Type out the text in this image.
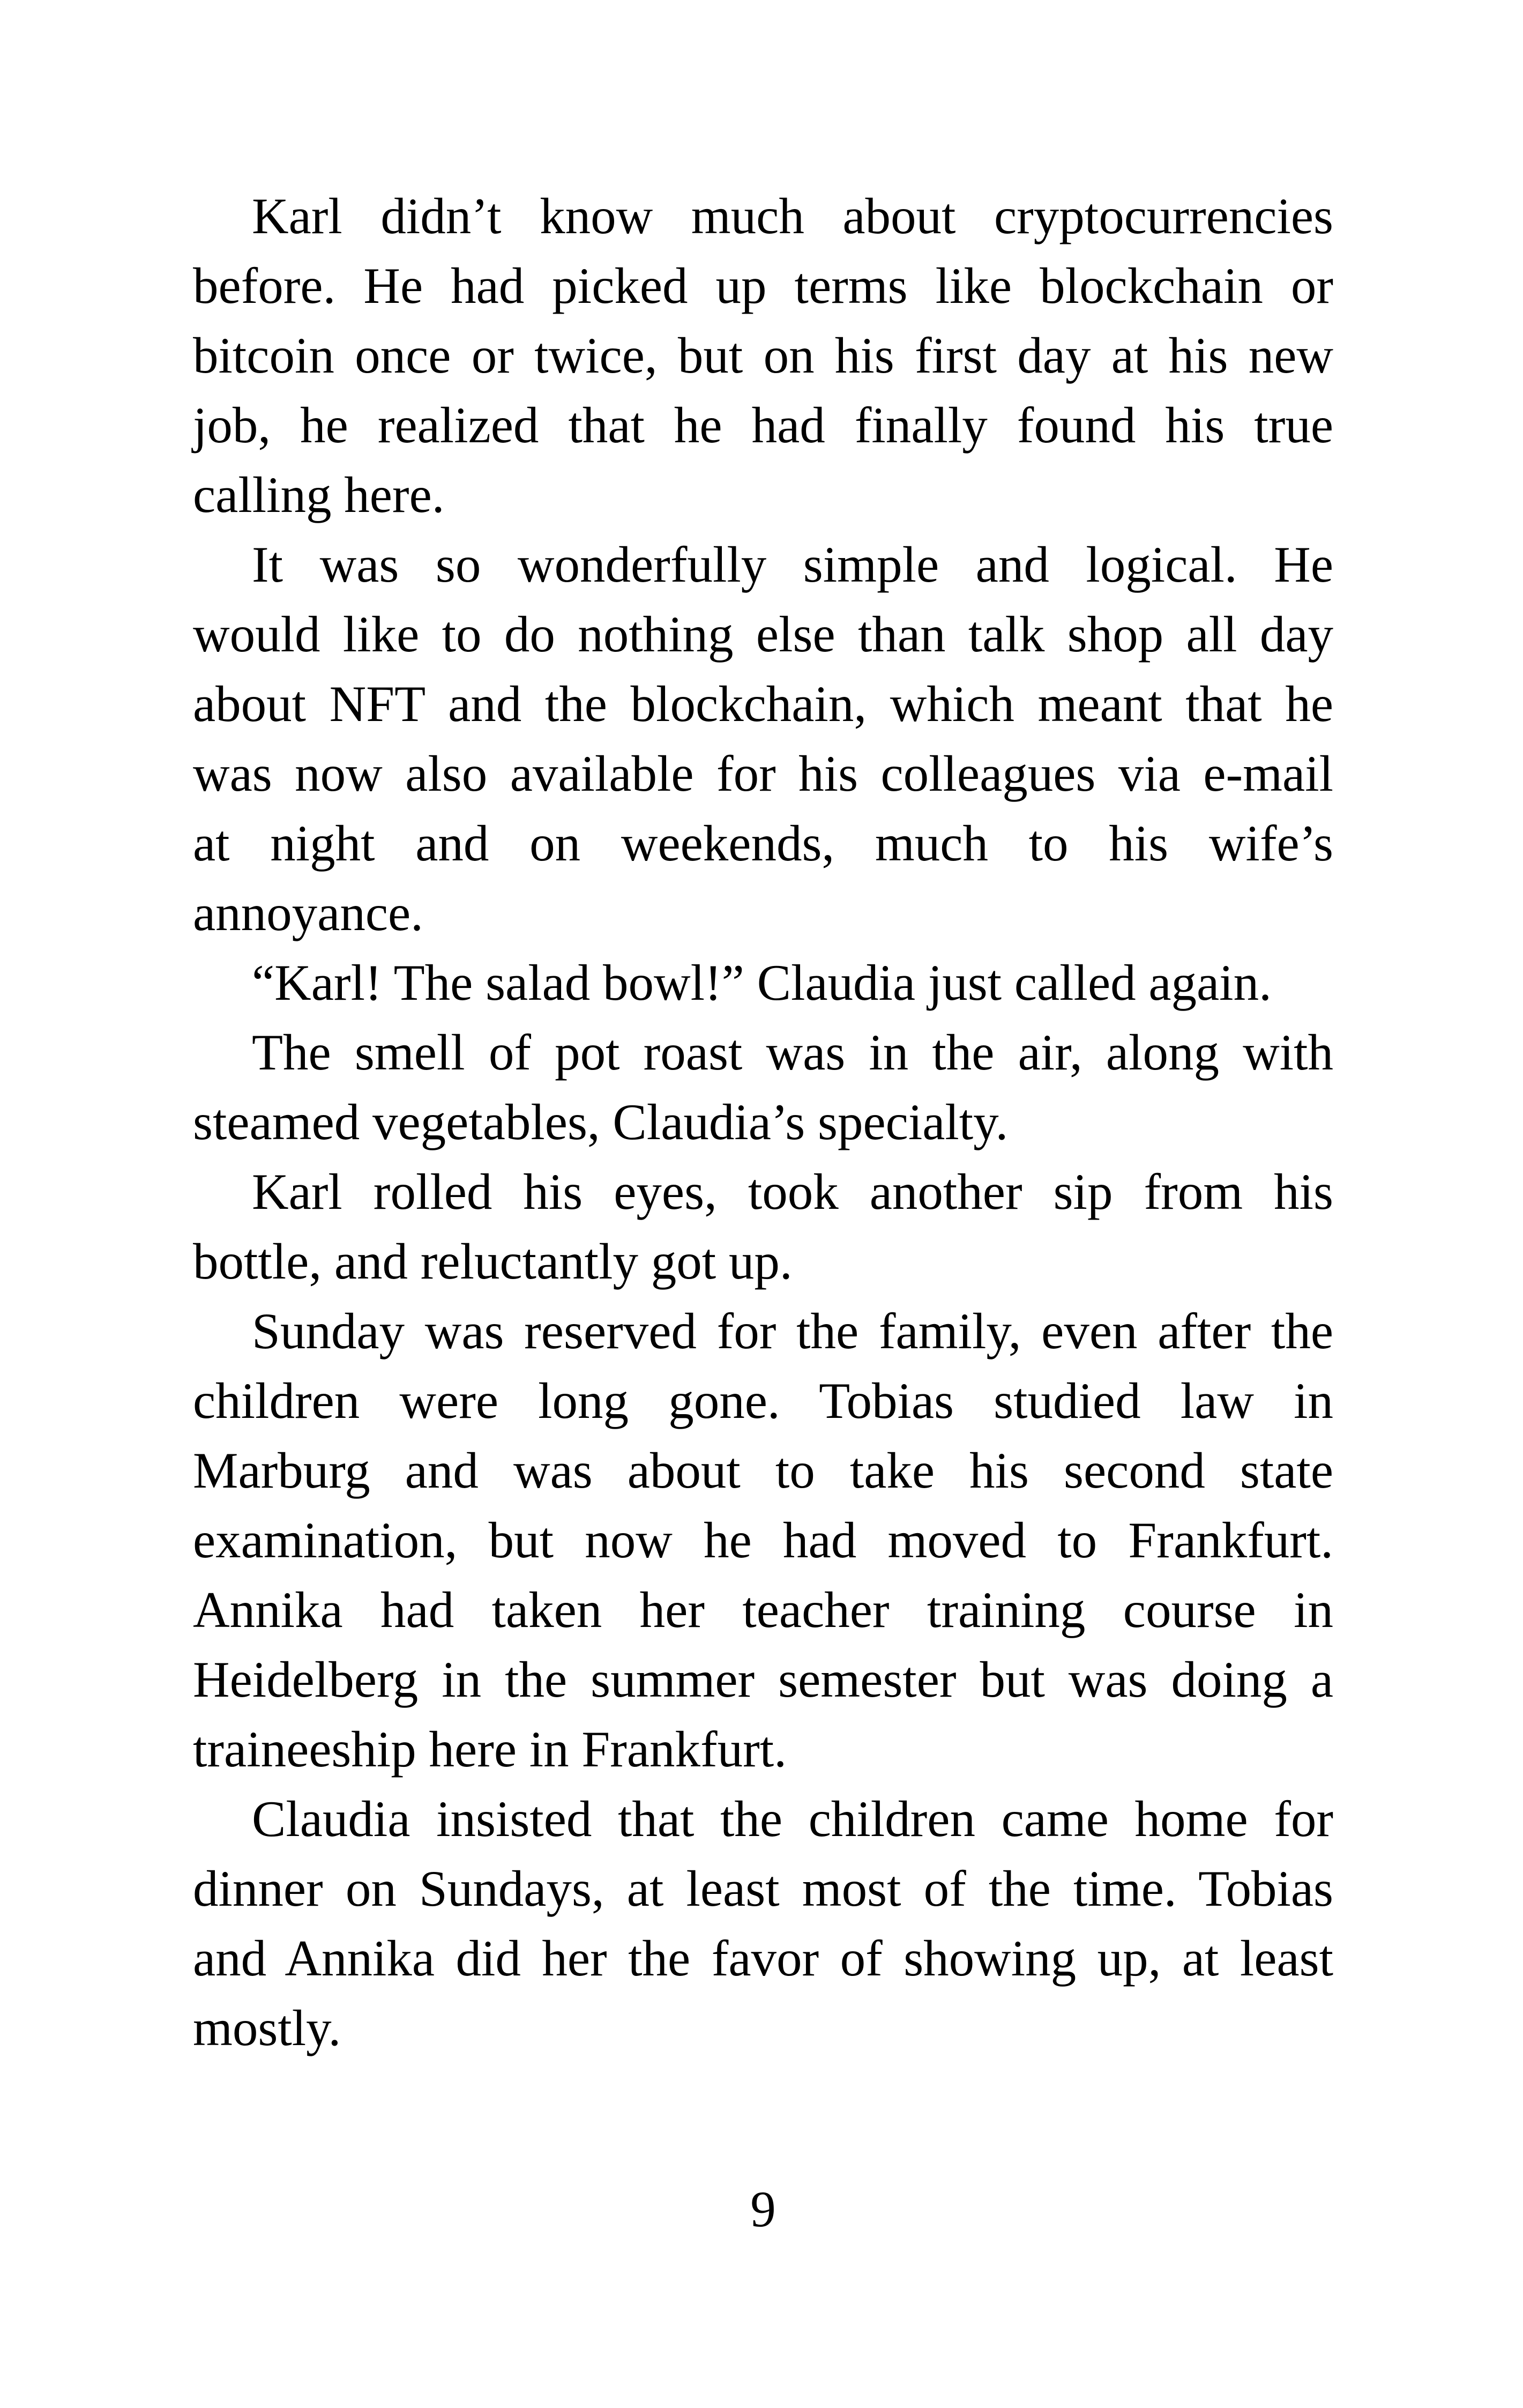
Karl didn’t know much about cryptocurrencies
before. He had picked up terms like blockchain or
bitcoin once or twice, but on his first day at his new
job, he realized that he had finally found his true
calling here.
It was so wonderfully simple and logical. He
would like to do nothing else than talk shop all day
about NFT and the blockchain, which meant that he
was now also available for his colleagues via e-mail
at night and on weekends, much to his wife’s
annoyance.
“Karl! The salad bowl!” Claudia just called again.
The smell of pot roast was in the air, along with
steamed vegetables, Claudia’s specialty.
Karl rolled his eyes, took another sip from his
bottle, and reluctantly got up.
Sunday was reserved for the family, even after the
children were long gone. Tobias studied law in
Marburg and was about to take his second state
examination, but now he had moved to Frankfurt.
Annika had taken her teacher training course in
Heidelberg in the summer semester but was doing a
traineeship here in Frankfurt.
Claudia insisted that the children came home for
dinner on Sundays, at least most of the time. Tobias
and Annika did her the favor of showing up, at least
mostly.
9
